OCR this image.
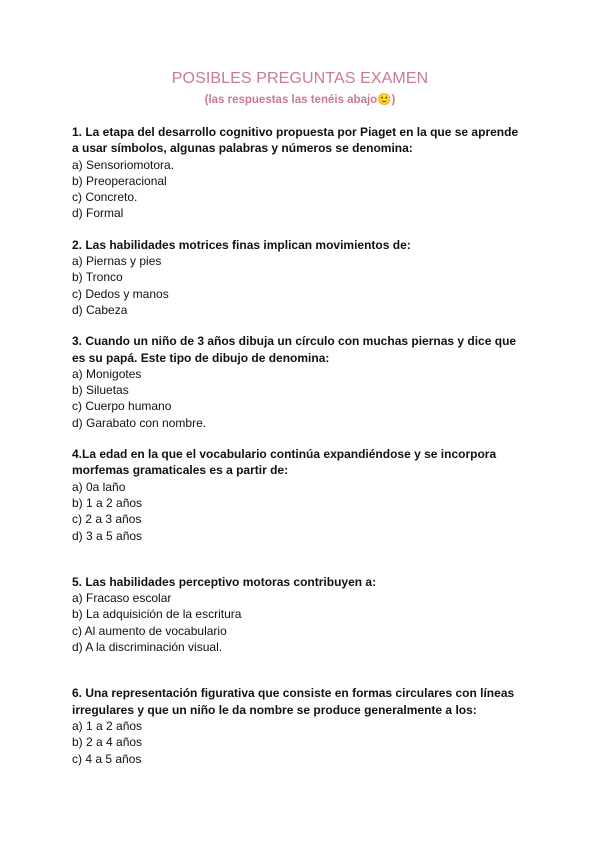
POSIBLES PREGUNTAS EXAMEN
(las respuestas las tenéis abajo🙂)

1. La etapa del desarrollo cognitivo propuesta por Piaget en la que se aprende

a usar símbolos, algunas palabras y números se denomina:

a) Sensoriomotora.

b) Preoperacional

c) Concreto.

d) Formal

2. Las habilidades motrices finas implican movimientos de:

a) Piernas y pies

b) Tronco

c) Dedos y manos

d) Cabeza

3. Cuando un niño de 3 años dibuja un círculo con muchas piernas y dice que

es su papá. Este tipo de dibujo de denomina:

a) Monigotes

b) Siluetas

c) Cuerpo humano

d) Garabato con nombre.

4.La edad en la que el vocabulario continúa expandiéndose y se incorpora

morfemas gramaticales es a partir de:

a) 0a laño

b) 1 a 2 años

c) 2 a 3 años

d) 3 a 5 años

5. Las habilidades perceptivo motoras contribuyen a:

a) Fracaso escolar

b) La adquisición de la escritura

c) Al aumento de vocabulario

d) A la discriminación visual.

6. Una representación figurativa que consiste en formas circulares con líneas

irregulares y que un niño le da nombre se produce generalmente a los:

a) 1 a 2 años

b) 2 a 4 años

c) 4 a 5 años
